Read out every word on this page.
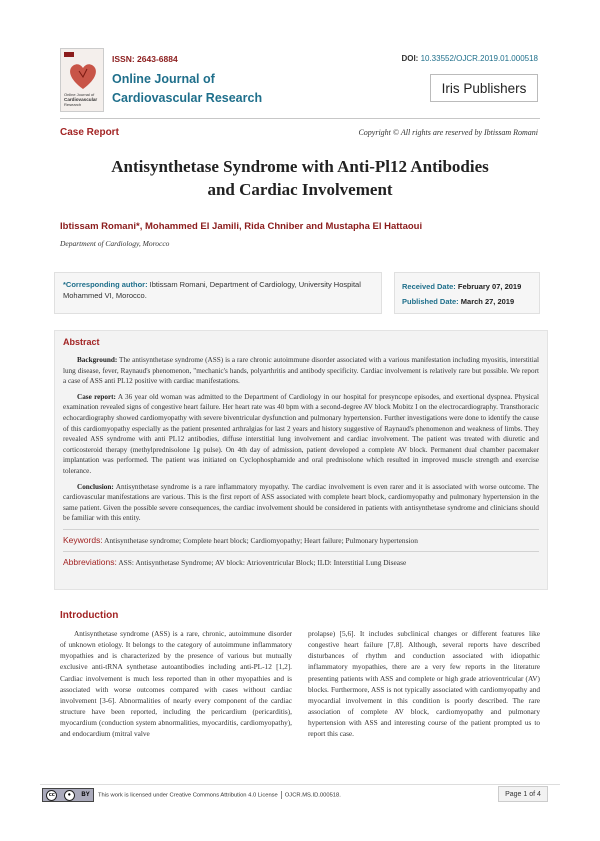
Online Journal of
Cardiovascular
Research
ISSN: 2643-6884
Online Journal of
Cardiovascular Research
DOI: 10.33552/OJCR.2019.01.000518
Iris Publishers
Case Report	Copyright © All rights are reserved by Ibtissam Romani
Antisynthetase Syndrome with Anti-Pl12 Antibodies
and Cardiac Involvement
Ibtissam Romani*, Mohammed El Jamili, Rida Chniber and Mustapha El Hattaoui
Department of Cardiology, Morocco
*Corresponding author: Ibtissam Romani, Department of Cardiology, University Hospital Mohammed VI, Morocco.
Received Date: February 07, 2019
Published Date: March 27, 2019
Abstract

Background: The antisynthetase syndrome (ASS) is a rare chronic autoimmune disorder associated with a various manifestation including myositis, interstitial lung disease, fever, Raynaud's phenomenon, "mechanic's hands, polyarthritis and antibody specificity. Cardiac involvement is relatively rare but possible. We report a case of ASS anti PL12 positive with cardiac manifestations.

Case report: A 36 year old woman was admitted to the Department of Cardiology in our hospital for presyncope episodes, and exertional dyspnea. Physical examination revealed signs of congestive heart failure. Her heart rate was 40 bpm with a second-degree AV block Mobitz I on the electrocardiography. Transthoracic echocardiography showed cardiomyopathy with severe biventricular dysfunction and pulmonary hypertension. Further investigations were done to identify the cause of this cardiomyopathy especially as the patient presented arthralgias for last 2 years and history suggestive of Raynaud's phenomenon and weakness of limbs. They revealed ASS syndrome with anti PL12 antibodies, diffuse interstitial lung involvement and cardiac involvement. The patient was treated with diuretic and corticosteroid therapy (methylprednisolone 1g pulse). On 4th day of admission, patient developed a complete AV block. Permanent dual chamber pacemaker implantation was performed. The patient was initiated on Cyclophosphamide and oral prednisolone which resulted in improved muscle strength and exercise tolerance.

Conclusion: Antisynthetase syndrome is a rare inflammatory myopathy. The cardiac involvement is even rarer and it is associated with worse outcome. The cardiovascular manifestations are various. This is the first report of ASS associated with complete heart block, cardiomyopathy and pulmonary hypertension in the same patient. Given the possible severe consequences, the cardiac involvement should be considered in patients with antisynthetase syndrome and clinicians should be familiar with this entity.

Keywords: Antisynthetase syndrome; Complete heart block; Cardiomyopathy; Heart failure; Pulmonary hypertension
Abbreviations: ASS: Antisynthetase Syndrome; AV block: Atrioventricular Block; ILD: Interstitial Lung Disease
Introduction
Antisynthetase syndrome (ASS) is a rare, chronic, autoimmune disorder of unknown etiology. It belongs to the category of autoimmune inflammatory myopathies and is characterized by the presence of various but mutually exclusive anti-tRNA synthetase autoantibodies including anti-PL-12 [1,2]. Cardiac involvement is much less reported than in other myopathies and is associated with worse outcomes compared with cases without cardiac involvement [3-6]. Abnormalities of nearly every component of the cardiac structure have been reported, including the pericardium (pericarditis), myocardium (conduction system abnormalities, myocarditis, cardiomyopathy), and endocardium (mitral valve
prolapse) [5,6]. It includes subclinical changes or different features like congestive heart failure [7,8]. Although, several reports have described disturbances of rhythm and conduction associated with idiopathic inflammatory myopathies, there are a very few reports in the literature presenting patients with ASS and complete or high grade atrioventricular (AV) blocks. Furthermore, ASS is not typically associated with cardiomyopathy and myocardial involvement in this condition is poorly described. The rare association of complete AV block, cardiomyopathy and pulmonary hypertension with ASS and interesting course of the patient prompted us to report this case.
cc	●	BY This work is licensed under Creative Commons Attribution 4.0 License OJCR.MS.ID.000518.	Page 1 of 4
